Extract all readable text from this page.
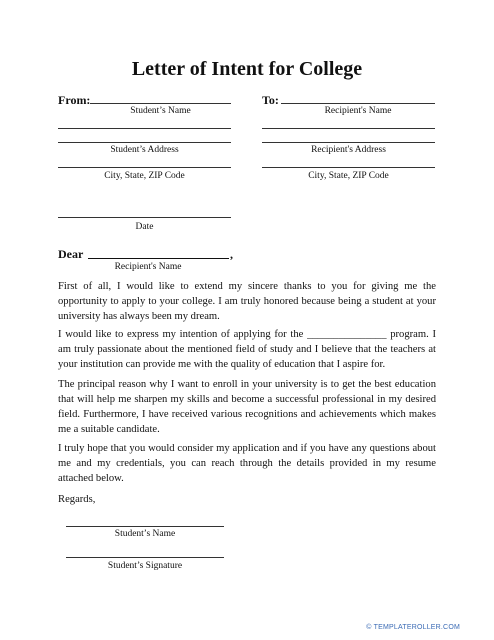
Letter of Intent for College
From:
Student’s Name
Student’s Address
City, State, ZIP Code
Date
To:
Recipient's Name
Recipient's Address
City, State, ZIP Code
Dear	,
Recipient's Name

First of all, I would like to extend my sincere thanks to you for giving me the opportunity to apply to your college. I am truly honored because being a student at your university has always been my dream.

I would like to express my intention of applying for the _______________ program. I am truly passionate about the mentioned field of study and I believe that the teachers at your institution can provide me with the quality of education that I aspire for.

The principal reason why I want to enroll in your university is to get the best education that will help me sharpen my skills and become a successful professional in my desired field. Furthermore, I have received various recognitions and achievements which makes me a suitable candidate.

I truly hope that you would consider my application and if you have any questions about me and my credentials, you can reach through the details provided in my resume attached below.

Regards,
Student’s Name
Student’s Signature
© TEMPLATEROLLER.COM
